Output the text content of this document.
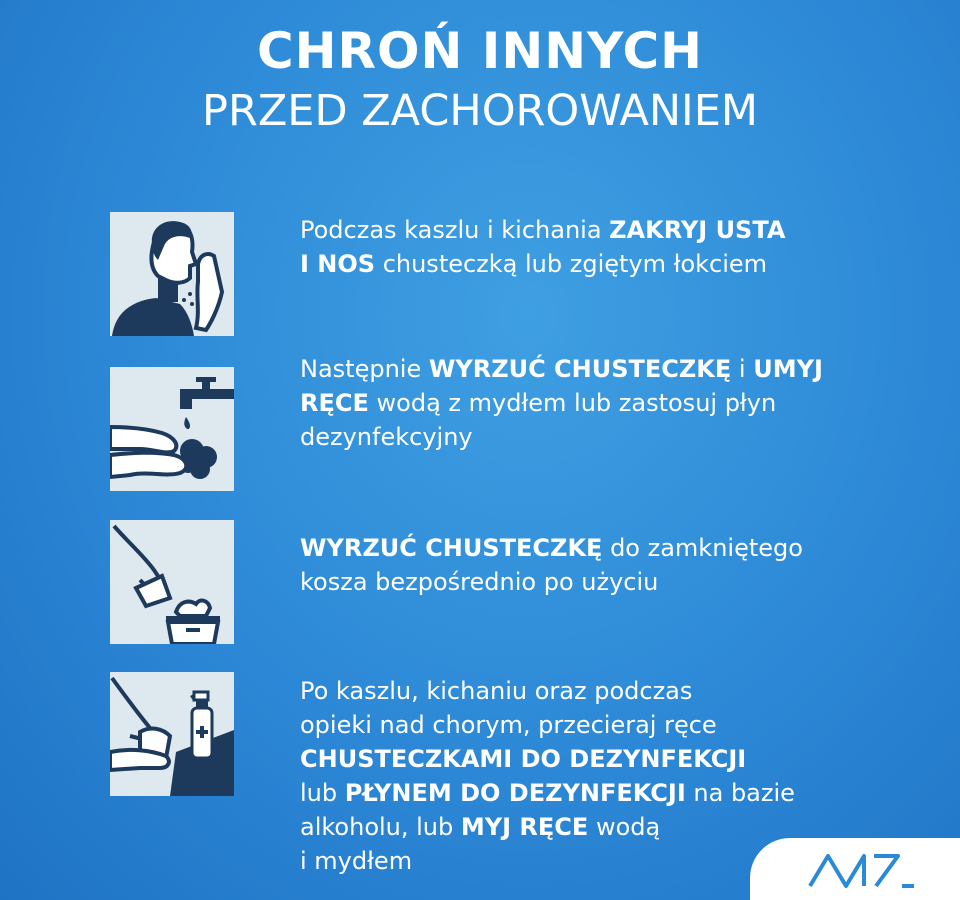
CHROŃ INNYCH
PRZED ZACHOROWANIEM

Podczas kaszlu i kichania ZAKRYJ USTA
I NOS chusteczką lub zgiętym łokciem

Następnie WYRZUĆ CHUSTECZKĘ i UMYJ
RĘCE wodą z mydłem lub zastosuj płyn
dezynfekcyjny

WYRZUĆ CHUSTECZKĘ do zamkniętego
kosza bezpośrednio po użyciu

Po kaszlu, kichaniu oraz podczas
opieki nad chorym, przecieraj ręce
CHUSTECZKAMI DO DEZYNFEKCJI
lub PŁYNEM DO DEZYNFEKCJI na bazie
alkoholu, lub MYJ RĘCE wodą
i mydłem
